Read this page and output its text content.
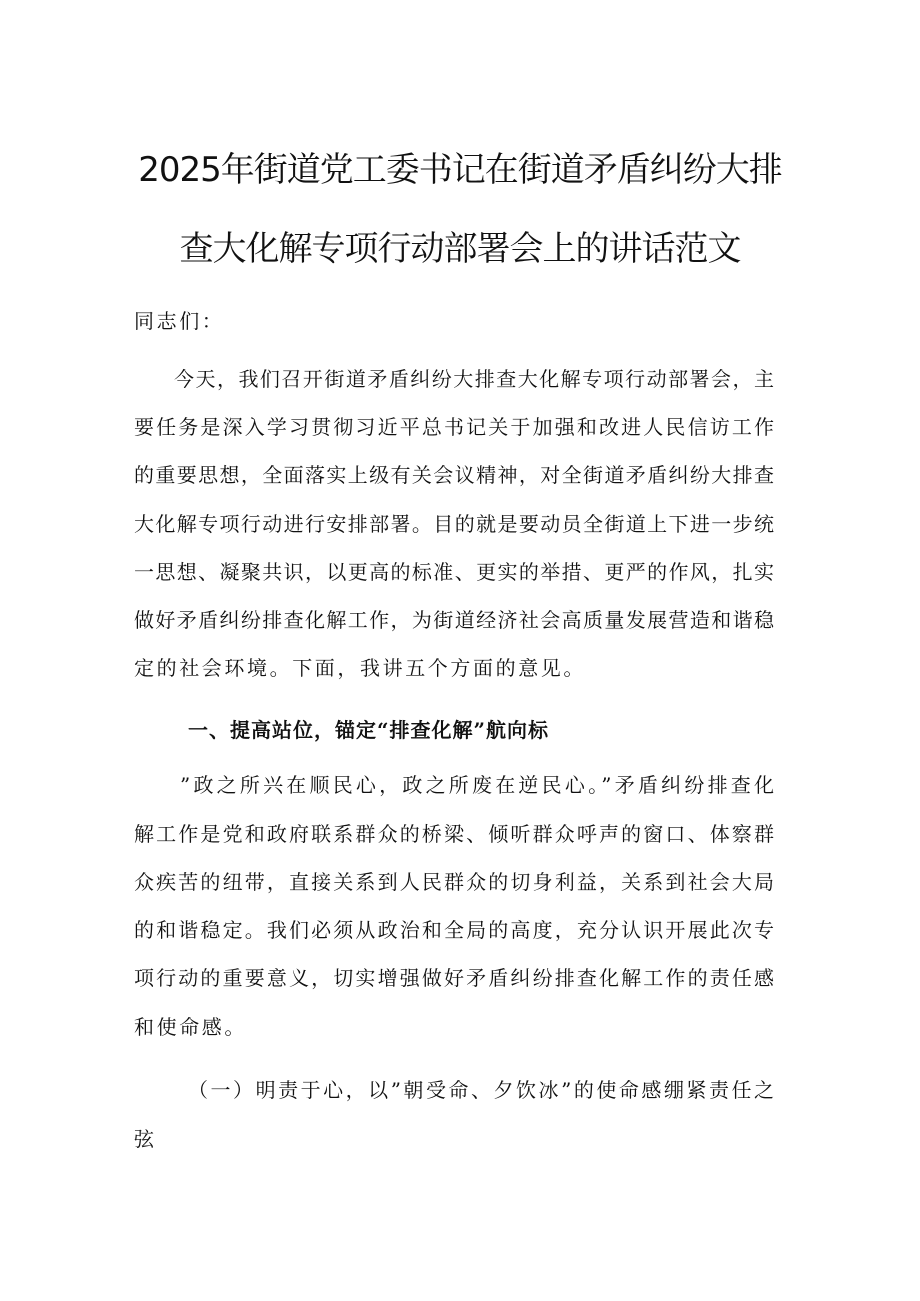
2025年街道党工委书记在街道矛盾纠纷大排
查大化解专项行动部署会上的讲话范文
同志们：
今天，我们召开街道矛盾纠纷大排查大化解专项行动部署会，主
要任务是深入学习贯彻习近平总书记关于加强和改进人民信访工作
的重要思想，全面落实上级有关会议精神，对全街道矛盾纠纷大排查
大化解专项行动进行安排部署。目的就是要动员全街道上下进一步统
一思想、凝聚共识，以更高的标准、更实的举措、更严的作风，扎实
做好矛盾纠纷排查化解工作，为街道经济社会高质量发展营造和谐稳
定的社会环境。下面，我讲五个方面的意见。
一、提高站位，锚定“排查化解”航向标
”政之所兴在顺民心，政之所废在逆民心。”矛盾纠纷排查化
解工作是党和政府联系群众的桥梁、倾听群众呼声的窗口、体察群
众疾苦的纽带，直接关系到人民群众的切身利益，关系到社会大局
的和谐稳定。我们必须从政治和全局的高度，充分认识开展此次专
项行动的重要意义，切实增强做好矛盾纠纷排查化解工作的责任感
和使命感。
（一）明责于心，以”朝受命、夕饮冰”的使命感绷紧责任之
弦
